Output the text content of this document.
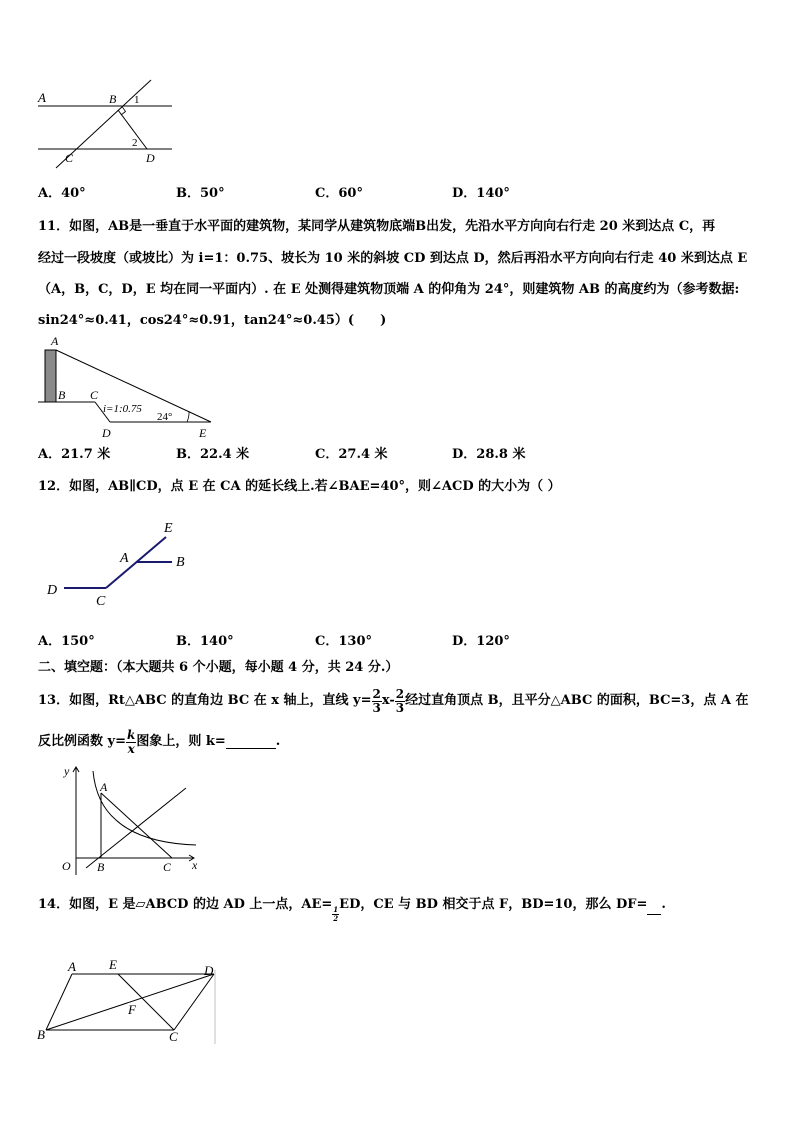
A	B 1
2
C	D
A．40°	B．50°	C．60°	D．140°
11．如图，AB是一垂直于水平面的建筑物，某同学从建筑物底端B出发，先沿水平方向向右行走 20 米到达点 C，再
经过一段坡度（或坡比）为 i=1：0.75、坡长为 10 米的斜坡 CD 到达点 D，然后再沿水平方向向右行走 40 米到达点 E
（A，B，C，D，E 均在同一平面内）. 在 E 处测得建筑物顶端 A 的仰角为 24°，则建筑物 AB 的高度约为（参考数据:
sin24°≈0.41，cos24°≈0.91，tan24°≈0.45）(　　)
A
B C
i=1:0.75
24°
D	E
A．21.7 米	B．22.4 米	C．27.4 米	D．28.8 米
12．如图，AB∥CD，点 E 在 CA 的延长线上.若∠BAE=40°，则∠ACD 的大小为（ ）
E
A	B
D
C
A．150°	B．140°	C．130°	D．120°
二、填空题：（本大题共 6 个小题，每小题 4 分，共 24 分.）
13．如图，Rt△ABC 的直角边 BC 在 x 轴上，直线 $y= \frac{2}{3} x- \frac{2}{3}$ 经过直角顶点 B，且平分△ABC 的面积，BC=3，点 A 在
反比例函数 $y= \frac{k}{x}$ 图象上，则 k=	.
y
A
O B	C x
14．如图，E 是▱ABCD 的边 AD 上一点，AE=
$\frac{1}{2}$
ED，CE 与 BD 相交于点 F，BD=10，那么 DF= .
A	E	D
F
B	C
